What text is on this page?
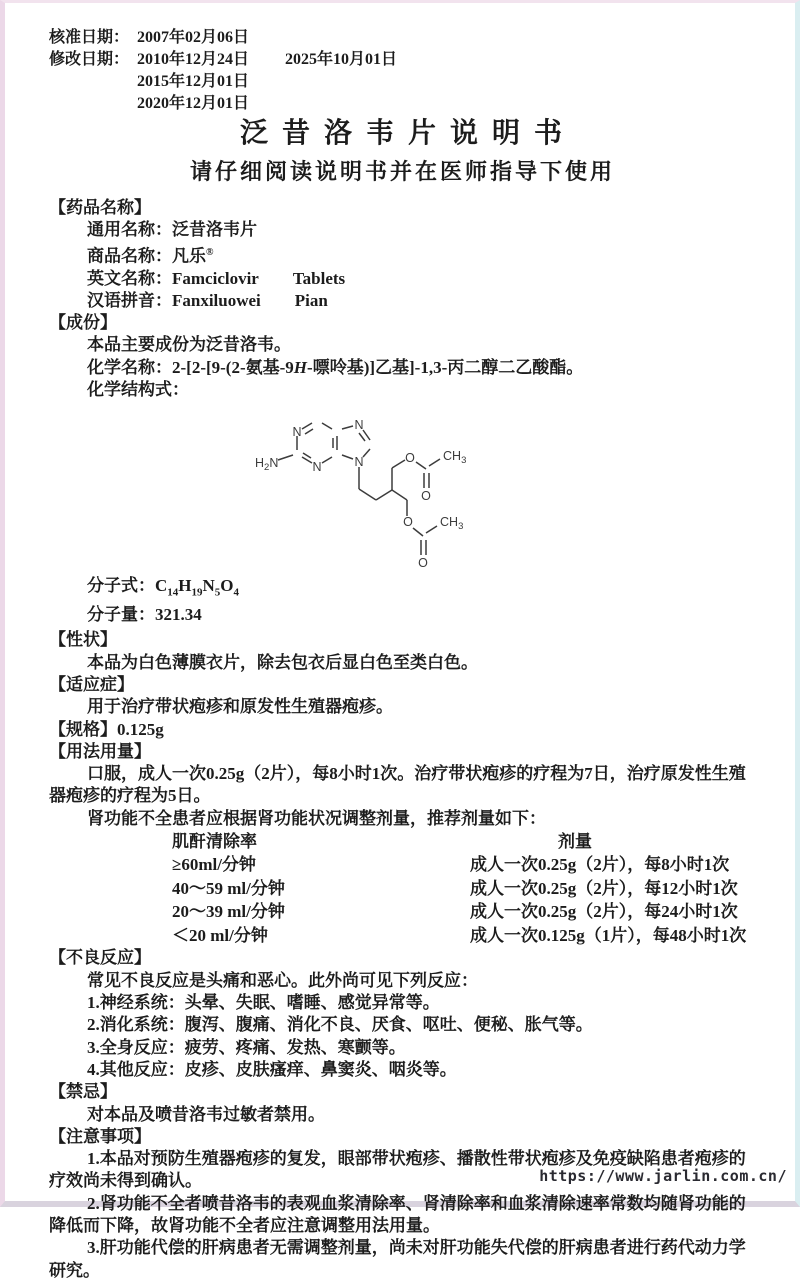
核准日期： 2007年02月06日
修改日期： 2010年12月24日 2025年10月01日
2015年12月01日
2020年12月01日
泛昔洛韦片说明书
请仔细阅读说明书并在医师指导下使用
【药品名称】
通用名称：泛昔洛韦片
商品名称：凡乐®
英文名称：Famciclovir Tablets
汉语拼音：Fanxiluowei Pian
【成份】
本品主要成份为泛昔洛韦。
化学名称：2-[2-[9-(2-氨基-9H-嘌呤基)]乙基]-1,3-丙二醇二乙酸酯。
化学结构式：
N
N
N
N
$H_2N$	O
O
$CH_3$
O
O
$CH_3$
分子式：$C_{14}H_{19}N_5O_4$
分子量：321.34
【性状】
本品为白色薄膜衣片，除去包衣后显白色至类白色。
【适应症】
用于治疗带状疱疹和原发性生殖器疱疹。
【规格】0.125g
【用法用量】
口服，成人一次0.25g（2片），每8小时1次。治疗带状疱疹的疗程为7日，治疗原发性生殖器疱疹的疗程为5日。
肾功能不全患者应根据肾功能状况调整剂量，推荐剂量如下：
肌酐清除率	剂量
≥60ml/分钟	成人一次0.25g（2片），每8小时1次
40～59 ml/分钟	成人一次0.25g（2片），每12小时1次
20～39 ml/分钟	成人一次0.25g（2片），每24小时1次
＜20 ml/分钟	成人一次0.125g（1片），每48小时1次
【不良反应】
常见不良反应是头痛和恶心。此外尚可见下列反应：
1.神经系统：头晕、失眠、嗜睡、感觉异常等。
2.消化系统：腹泻、腹痛、消化不良、厌食、呕吐、便秘、胀气等。
3.全身反应：疲劳、疼痛、发热、寒颤等。
4.其他反应：皮疹、皮肤瘙痒、鼻窦炎、咽炎等。
【禁忌】
对本品及喷昔洛韦过敏者禁用。
【注意事项】
1.本品对预防生殖器疱疹的复发，眼部带状疱疹、播散性带状疱疹及免疫缺陷患者疱疹的疗效尚未得到确认。
2.肾功能不全者喷昔洛韦的表观血浆清除率、肾清除率和血浆清除速率常数均随肾功能的降低而下降，故肾功能不全者应注意调整用法用量。
3.肝功能代偿的肝病患者无需调整剂量，尚未对肝功能失代偿的肝病患者进行药代动力学研究。
https://www.jarlin.com.cn/
